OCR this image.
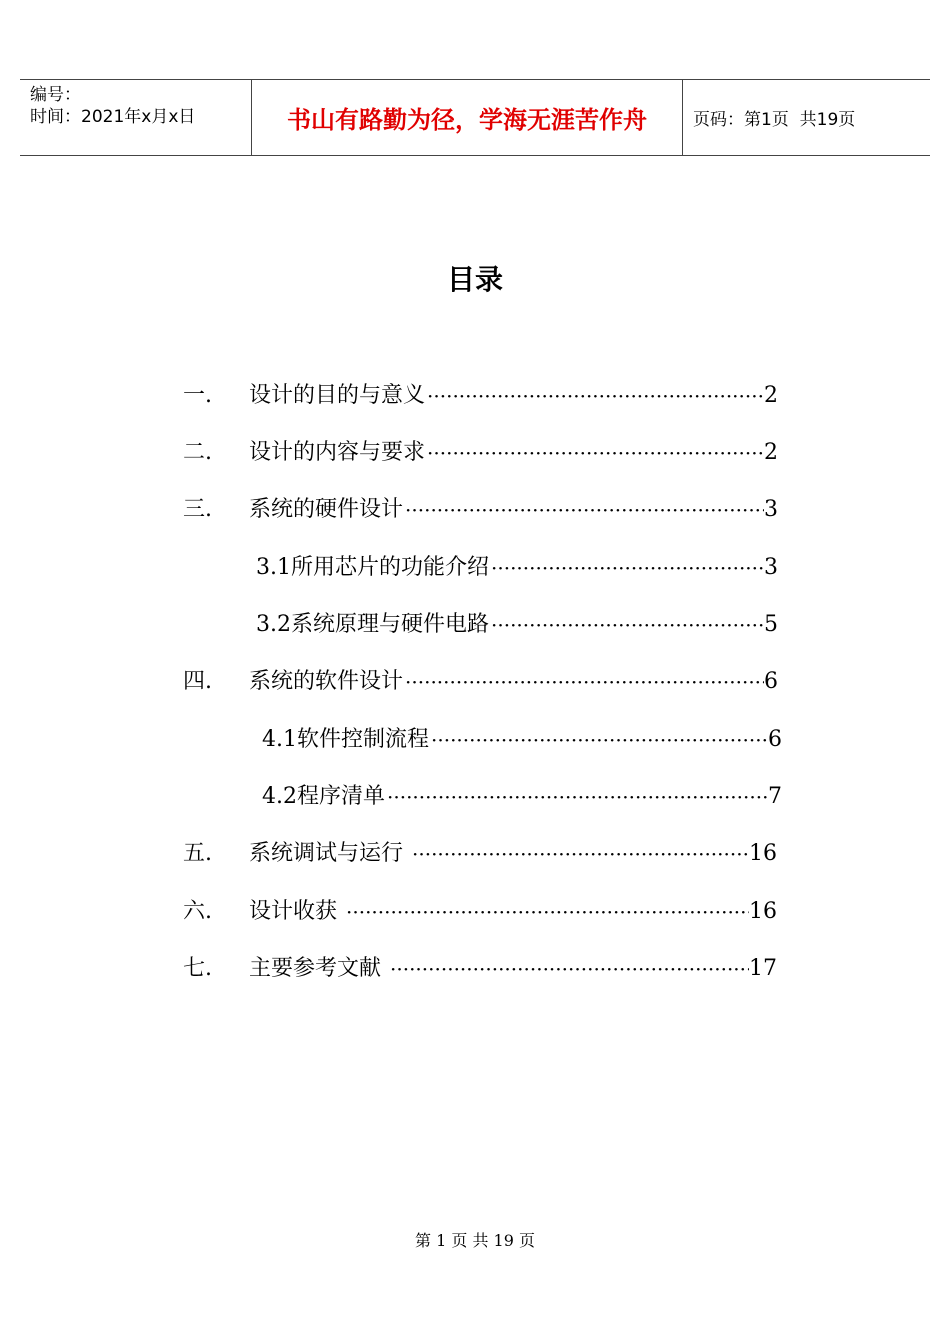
编号：
时间：2021年x月x日	书山有路勤为径，学海无涯苦作舟	页码：第1页  共19页
目录
一.	设计的目的与意义 ·····	2
二.	设计的内容与要求 ·····	2
三.	系统的硬件设计 ·····	3
3.1所用芯片的功能介绍 ·····	3
3.2系统原理与硬件电路 ·····	5
四.	系统的软件设计 ·····	6
4.1软件控制流程 ·····	6
4.2程序清单 ·····	7
五.	系统调试与运行 ·····	16
六.	设计收获 ·····	16
七.	主要参考文献 ·····	17
第 1 页 共 19 页
